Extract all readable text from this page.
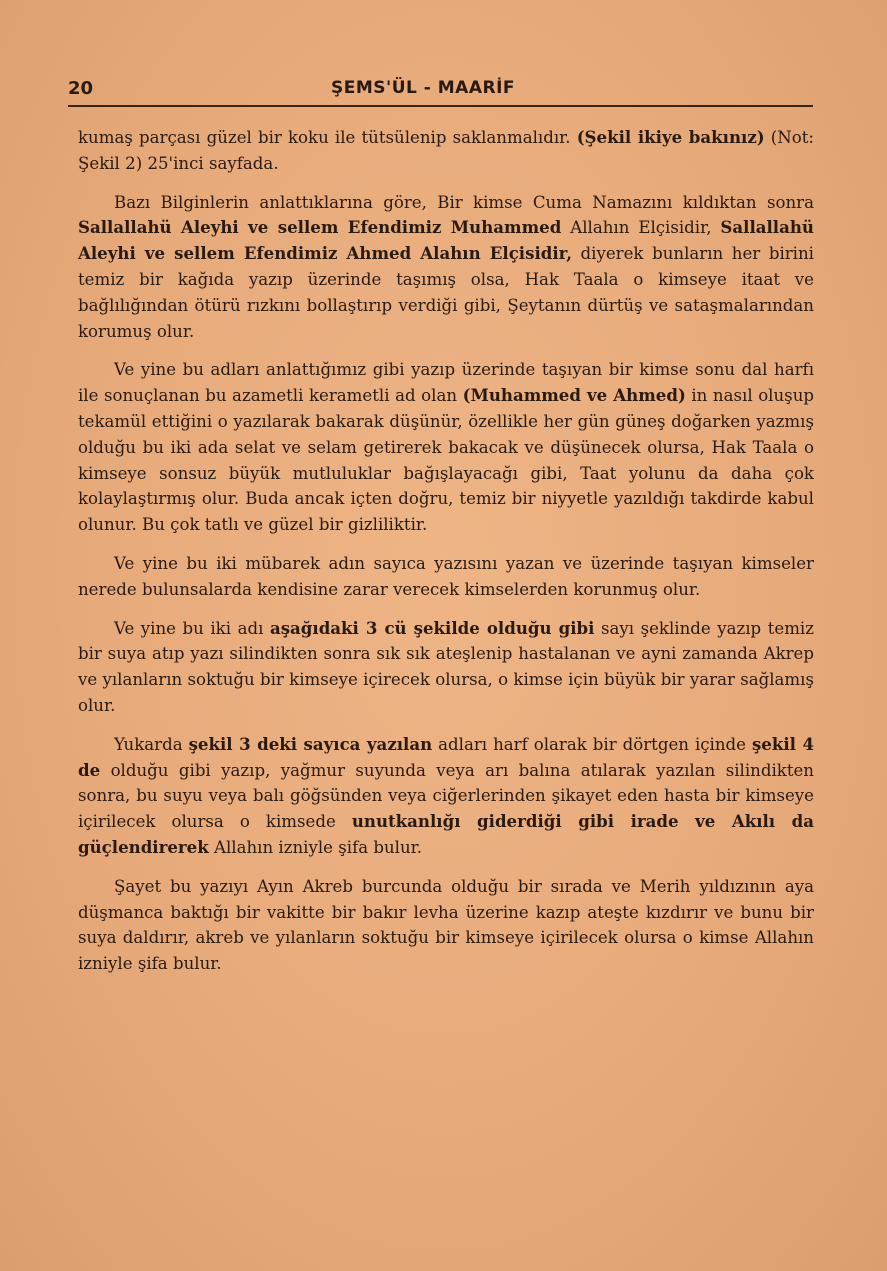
20	ŞEMS'ÜL - MAARİF

kumaş parçası güzel bir koku ile tütsülenip saklanmalıdır. (Şekil ikiye bakınız) (Not: Şekil 2) 25'inci sayfada.

Bazı Bilginlerin anlattıklarına göre, Bir kimse Cuma Namazını kıldıktan sonra Sallallahü Aleyhi ve sellem Efendimiz Muhammed Allahın Elçisidir, Sallallahü Aleyhi ve sellem Efendimiz Ahmed Alahın Elçisidir, diyerek bunların her birini temiz bir kağıda yazıp üzerinde taşımış olsa, Hak Taala o kimseye itaat ve bağlılığından ötürü rızkını bollaştırıp verdiği gibi, Şeytanın dürtüş ve sataşmalarından korumuş olur.

Ve yine bu adları anlattığımız gibi yazıp üzerinde taşıyan bir kimse sonu dal harfı ile sonuçlanan bu azametli kerametli ad olan (Muhammed ve Ahmed) in nasıl oluşup tekamül ettiğini o yazılarak bakarak düşünür, özellikle her gün güneş doğarken yazmış olduğu bu iki ada selat ve selam getirerek bakacak ve düşünecek olursa, Hak Taala o kimseye sonsuz büyük mutluluklar bağışlayacağı gibi, Taat yolunu da daha çok kolaylaştırmış olur. Buda ancak içten doğru, temiz bir niyyetle yazıldığı takdirde kabul olunur. Bu çok tatlı ve güzel bir gizliliktir.

Ve yine bu iki mübarek adın sayıca yazısını yazan ve üzerinde taşıyan kimseler nerede bulunsalarda kendisine zarar verecek kimselerden korunmuş olur.

Ve yine bu iki adı aşağıdaki 3 cü şekilde olduğu gibi sayı şeklinde yazıp temiz bir suya atıp yazı silindikten sonra sık sık ateşlenip hastalanan ve ayni zamanda Akrep ve yılanların soktuğu bir kimseye içirecek olursa, o kimse için büyük bir yarar sağlamış olur.

Yukarda şekil 3 deki sayıca yazılan adları harf olarak bir dörtgen içinde şekil 4 de olduğu gibi yazıp, yağmur suyunda veya arı balına atılarak yazılan silindikten sonra, bu suyu veya balı göğsünden veya ciğerlerinden şikayet eden hasta bir kimseye içirilecek olursa o kimsede unutkanlığı giderdiği gibi irade ve Akılı da güçlendirerek Allahın izniyle şifa bulur.

Şayet bu yazıyı Ayın Akreb burcunda olduğu bir sırada ve Merih yıldızının aya düşmanca baktığı bir vakitte bir bakır levha üzerine kazıp ateşte kızdırır ve bunu bir suya daldırır, akreb ve yılanların soktuğu bir kimseye içirilecek olursa o kimse Allahın izniyle şifa bulur.
